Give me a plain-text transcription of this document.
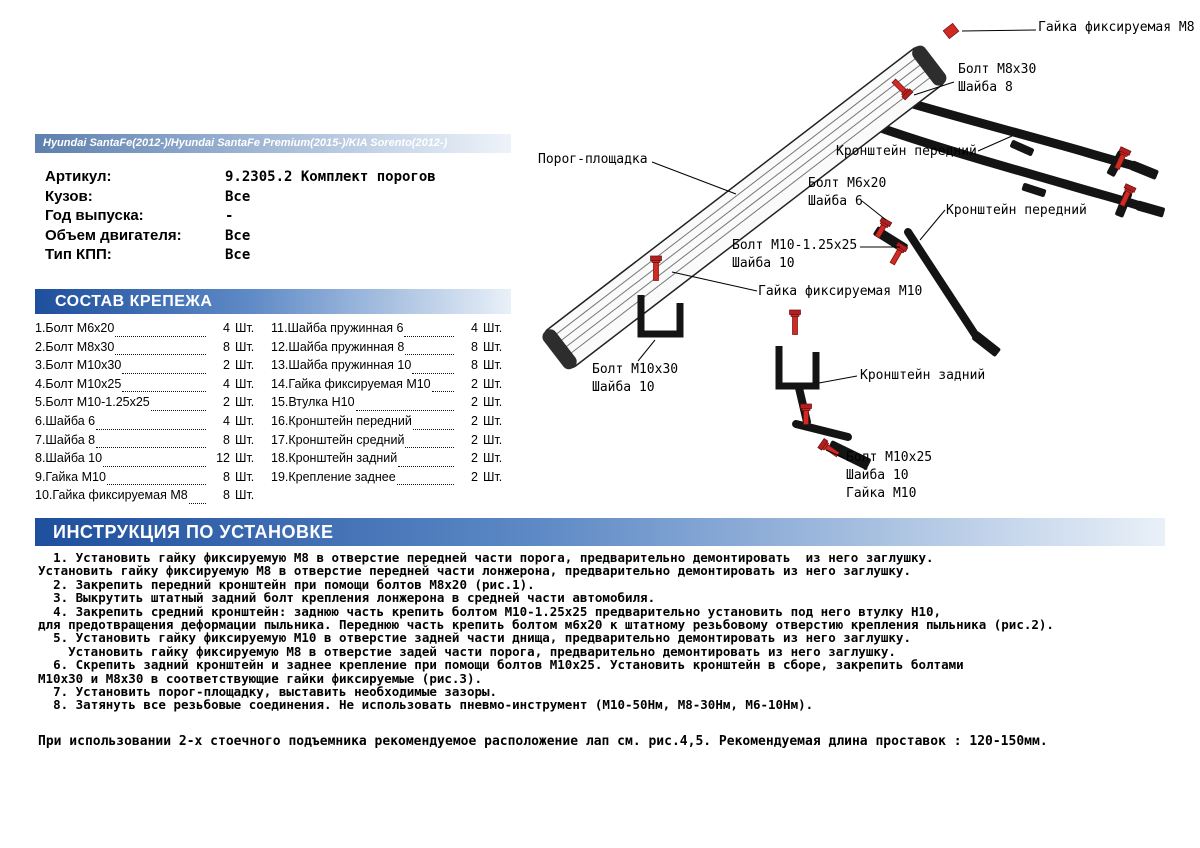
Hyundai SantaFe(2012-)/Hyundai SantaFe Premium(2015-)/KIA Sorento(2012-)
Артикул:	9.2305.2 Комплект порогов
Кузов:	Все
Год выпуска:	-
Объем двигателя:	Все
Тип КПП:	Все
СОСТАВ КРЕПЕЖА
1.Болт М6х20	4 Шт.
2.Болт М8х30	8 Шт.
3.Болт М10х30	2 Шт.
4.Болт М10х25	4 Шт.
5.Болт М10-1.25х25	2 Шт.
6.Шайба 6	4 Шт.
7.Шайба 8	8 Шт.
8.Шайба 10	12 Шт.
9.Гайка М10	8 Шт.
10.Гайка фиксируемая М8	8 Шт.
11.Шайба пружинная 6	4 Шт.
12.Шайба пружинная 8	8 Шт.
13.Шайба пружинная 10	8 Шт.
14.Гайка фиксируемая М10	2 Шт.
15.Втулка Н10	2 Шт.
16.Кронштейн передний	2 Шт.
17.Кронштейн средний	2 Шт.
18.Кронштейн задний	2 Шт.
19.Крепление заднее	2 Шт.
Гайка фиксируемая М8
Болт М8х30
Шайба 8
Порог-площадка
Кронштейн передний
Болт М6х20
Шайба 6
Кронштейн передний
Болт М10-1.25х25
Шайба 10
Гайка фиксируемая М10
Болт М10х30
Шайба 10
Кронштейн задний
Болт М10х25
Шайба 10
Гайка М10
ИНСТРУКЦИЯ ПО УСТАНОВКЕ
1. Установить гайку фиксируемую М8 в отверстие передней части порога, предварительно демонтировать  из него заглушку.
Установить гайку фиксируемую М8 в отверстие передней части лонжерона, предварительно демонтировать из него заглушку.
2. Закрепить передний кронштейн при помощи болтов М8х20 (рис.1).
3. Выкрутить штатный задний болт крепления лонжерона в средней части автомобиля.
4. Закрепить средний кронштейн: заднюю часть крепить болтом М10-1.25х25 предварительно установить под него втулку Н10,
для предотвращения деформации пыльника. Переднюю часть крепить болтом м6х20 к штатному резьбовому отверстию крепления пыльника (рис.2).
5. Установить гайку фиксируемую М10 в отверстие задней части днища, предварительно демонтировать из него заглушку.
Установить гайку фиксируемую М8 в отверстие задей части порога, предварительно демонтировать из него заглушку.
6. Скрепить задний кронштейн и заднее крепление при помощи болтов М10х25. Установить кронштейн в сборе, закрепить болтами
М10х30 и М8х30 в соответствующие гайки фиксируемые (рис.3).
7. Установить порог-площадку, выставить необходимые зазоры.
8. Затянуть все резьбовые соединения. Не использовать пневмо-инструмент (М10-50Нм, М8-30Нм, М6-10Нм).
При использовании 2-х стоечного подъемника рекомендуемое расположение лап см. рис.4,5. Рекомендуемая длина проставок : 120-150мм.
